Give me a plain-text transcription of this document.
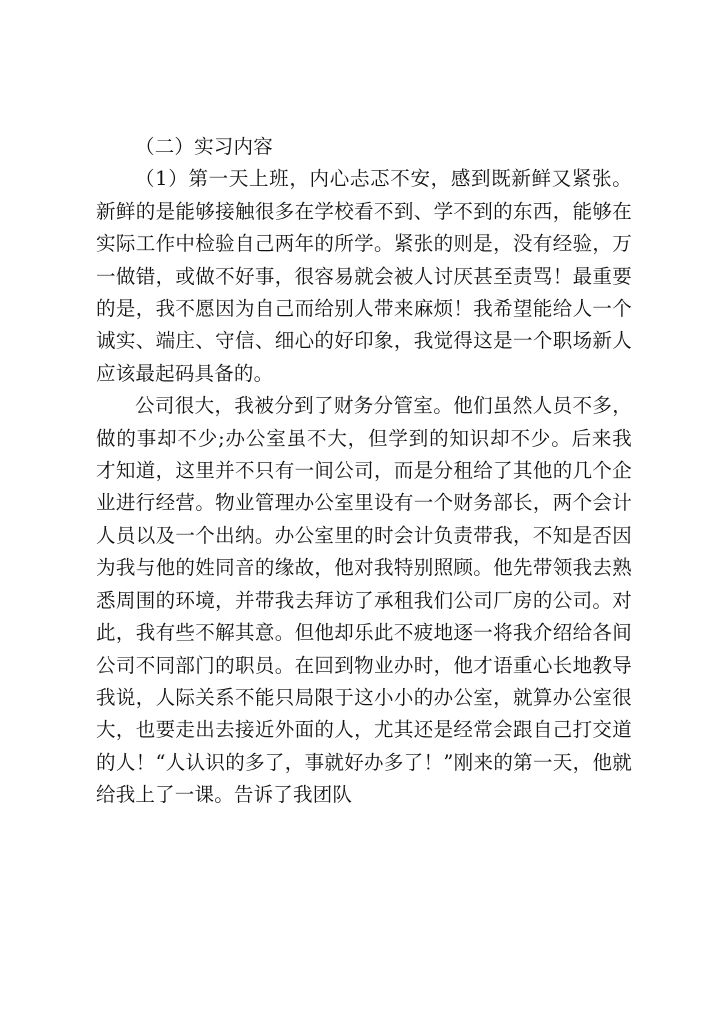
（二）实习内容

（1）第一天上班，内心忐忑不安，感到既新鲜又紧张。新鲜的是能够接触很多在学校看不到、学不到的东西，能够在实际工作中检验自己两年的所学。紧张的则是，没有经验，万一做错，或做不好事，很容易就会被人讨厌甚至责骂！最重要的是，我不愿因为自己而给别人带来麻烦！我希望能给人一个诚实、端庄、守信、细心的好印象，我觉得这是一个职场新人应该最起码具备的。

公司很大，我被分到了财务分管室。他们虽然人员不多，做的事却不少;办公室虽不大，但学到的知识却不少。后来我才知道，这里并不只有一间公司，而是分租给了其他的几个企业进行经营。物业管理办公室里设有一个财务部长，两个会计人员以及一个出纳。办公室里的时会计负责带我，不知是否因为我与他的姓同音的缘故，他对我特别照顾。他先带领我去熟悉周围的环境，并带我去拜访了承租我们公司厂房的公司。对此，我有些不解其意。但他却乐此不疲地逐一将我介绍给各间公司不同部门的职员。在回到物业办时，他才语重心长地教导我说，人际关系不能只局限于这小小的办公室，就算办公室很大，也要走出去接近外面的人，尤其还是经常会跟自己打交道的人！“人认识的多了，事就好办多了！”刚来的第一天，他就给我上了一课。告诉了我团队
